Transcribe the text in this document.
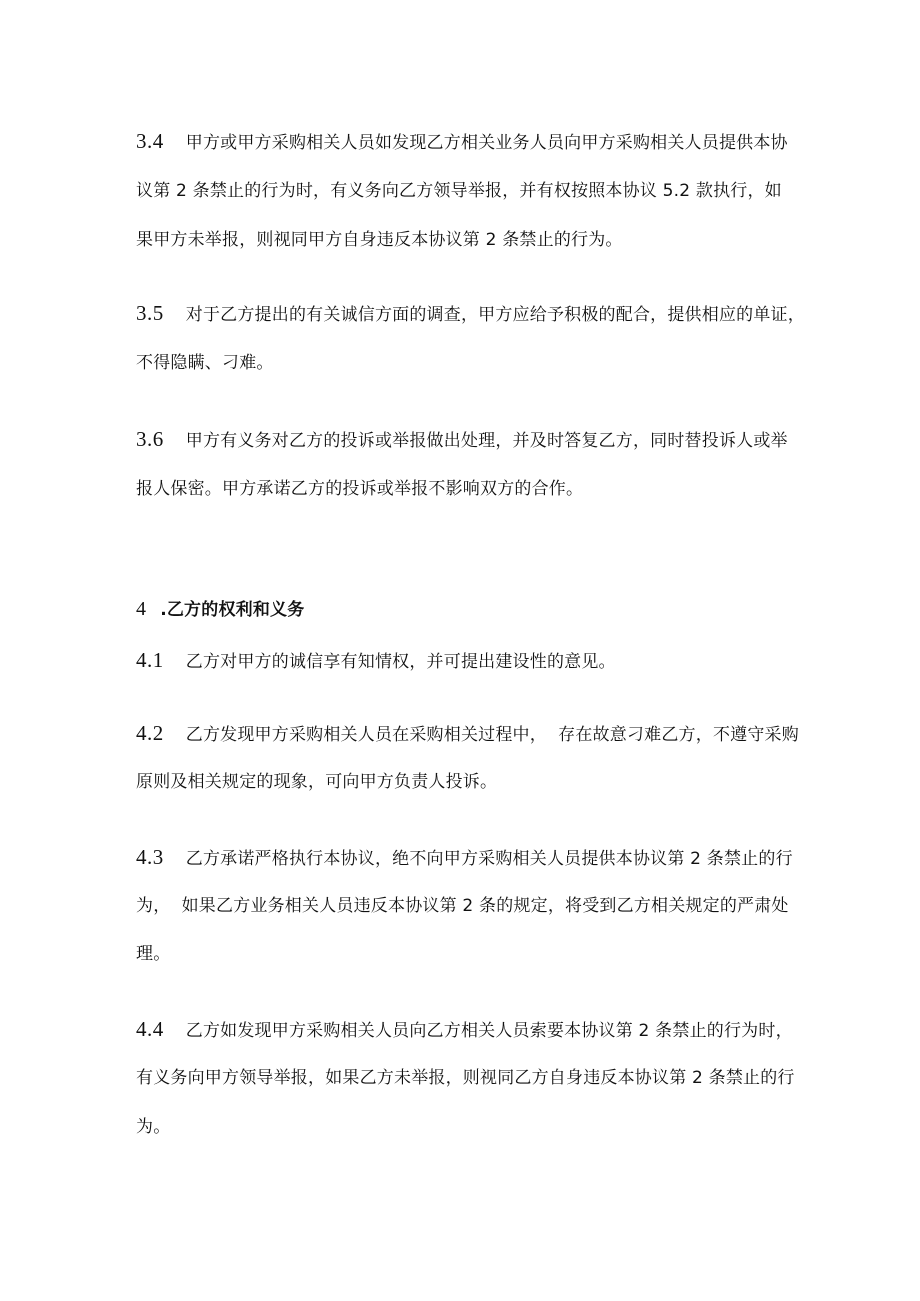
3.4 甲方或甲方采购相关人员如发现乙方相关业务人员向甲方采购相关人员提供本协
议第 2 条禁止的行为时，有义务向乙方领导举报，并有权按照本协议 5.2 款执行，如
果甲方未举报，则视同甲方自身违反本协议第 2 条禁止的行为。
3.5 对于乙方提出的有关诚信方面的调查，甲方应给予积极的配合，提供相应的单证，
不得隐瞒、刁难。
3.6 甲方有义务对乙方的投诉或举报做出处理，并及时答复乙方，同时替投诉人或举
报人保密。甲方承诺乙方的投诉或举报不影响双方的合作。
4 .乙方的权利和义务
4.1 乙方对甲方的诚信享有知情权，并可提出建设性的意见。
4.2 乙方发现甲方采购相关人员在采购相关过程中，  存在故意刁难乙方，不遵守采购
原则及相关规定的现象，可向甲方负责人投诉。
4.3 乙方承诺严格执行本协议，绝不向甲方采购相关人员提供本协议第 2 条禁止的行
为，  如果乙方业务相关人员违反本协议第 2 条的规定，将受到乙方相关规定的严肃处
理。
4.4 乙方如发现甲方采购相关人员向乙方相关人员索要本协议第 2 条禁止的行为时，
有义务向甲方领导举报，如果乙方未举报，则视同乙方自身违反本协议第 2 条禁止的行
为。
